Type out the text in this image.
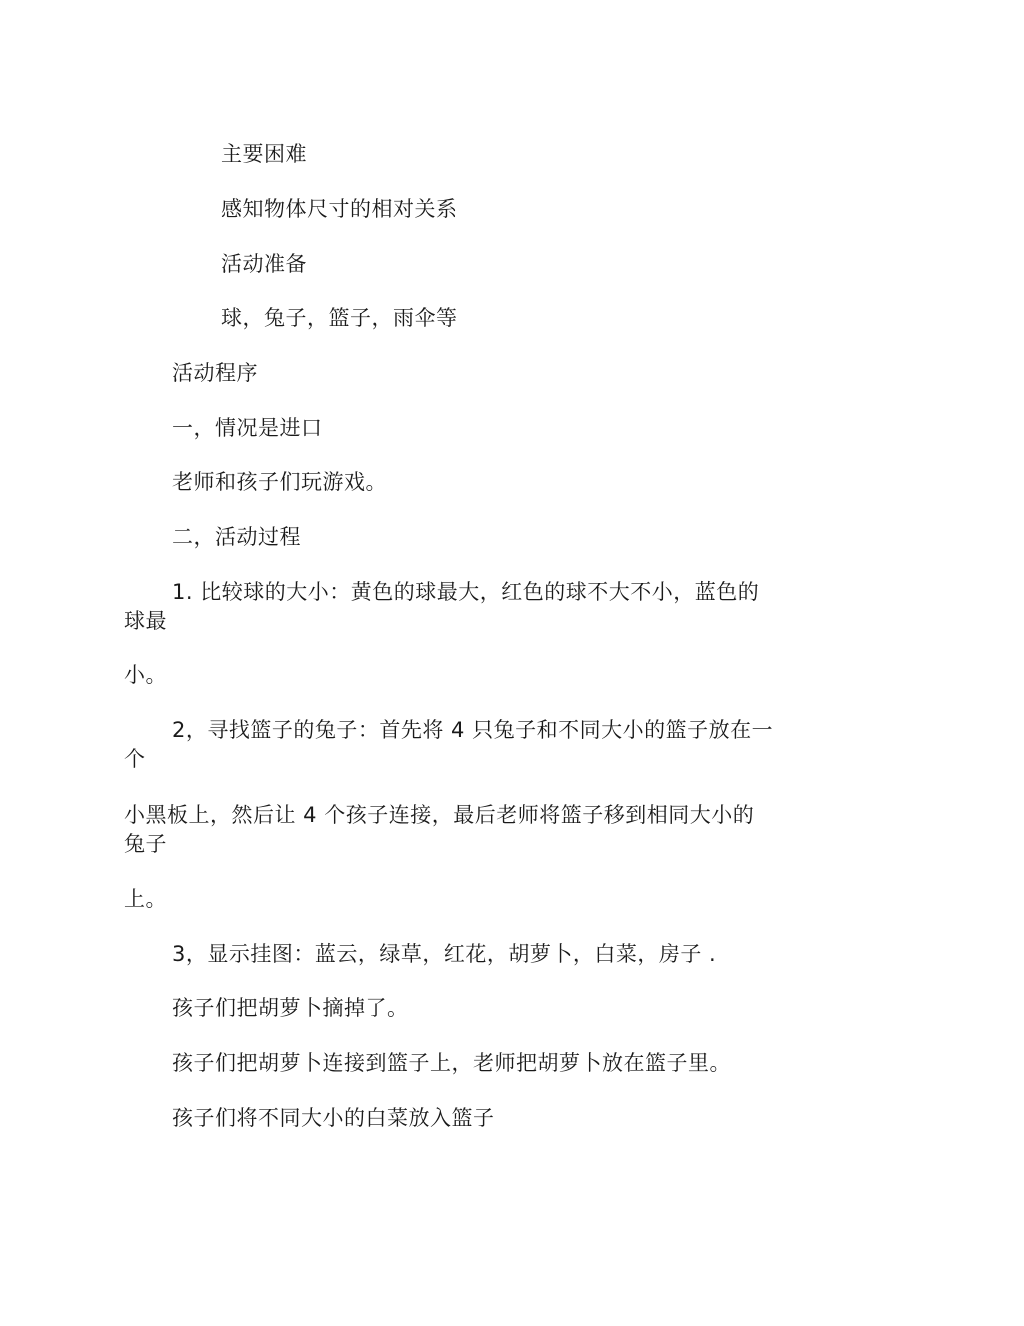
主要困难
感知物体尺寸的相对关系
活动准备
球，兔子，篮子，雨伞等
活动程序
一，情况是进口
老师和孩子们玩游戏。
二，活动过程
1. 比较球的大小：黄色的球最大，红色的球不大不小，蓝色的
球最
小。
2，寻找篮子的兔子：首先将 4 只兔子和不同大小的篮子放在一
个
小黑板上，然后让 4 个孩子连接，最后老师将篮子移到相同大小的
兔子
上。
3，显示挂图：蓝云，绿草，红花，胡萝卜，白菜，房子 .
孩子们把胡萝卜摘掉了。
孩子们把胡萝卜连接到篮子上，老师把胡萝卜放在篮子里。
孩子们将不同大小的白菜放入篮子
